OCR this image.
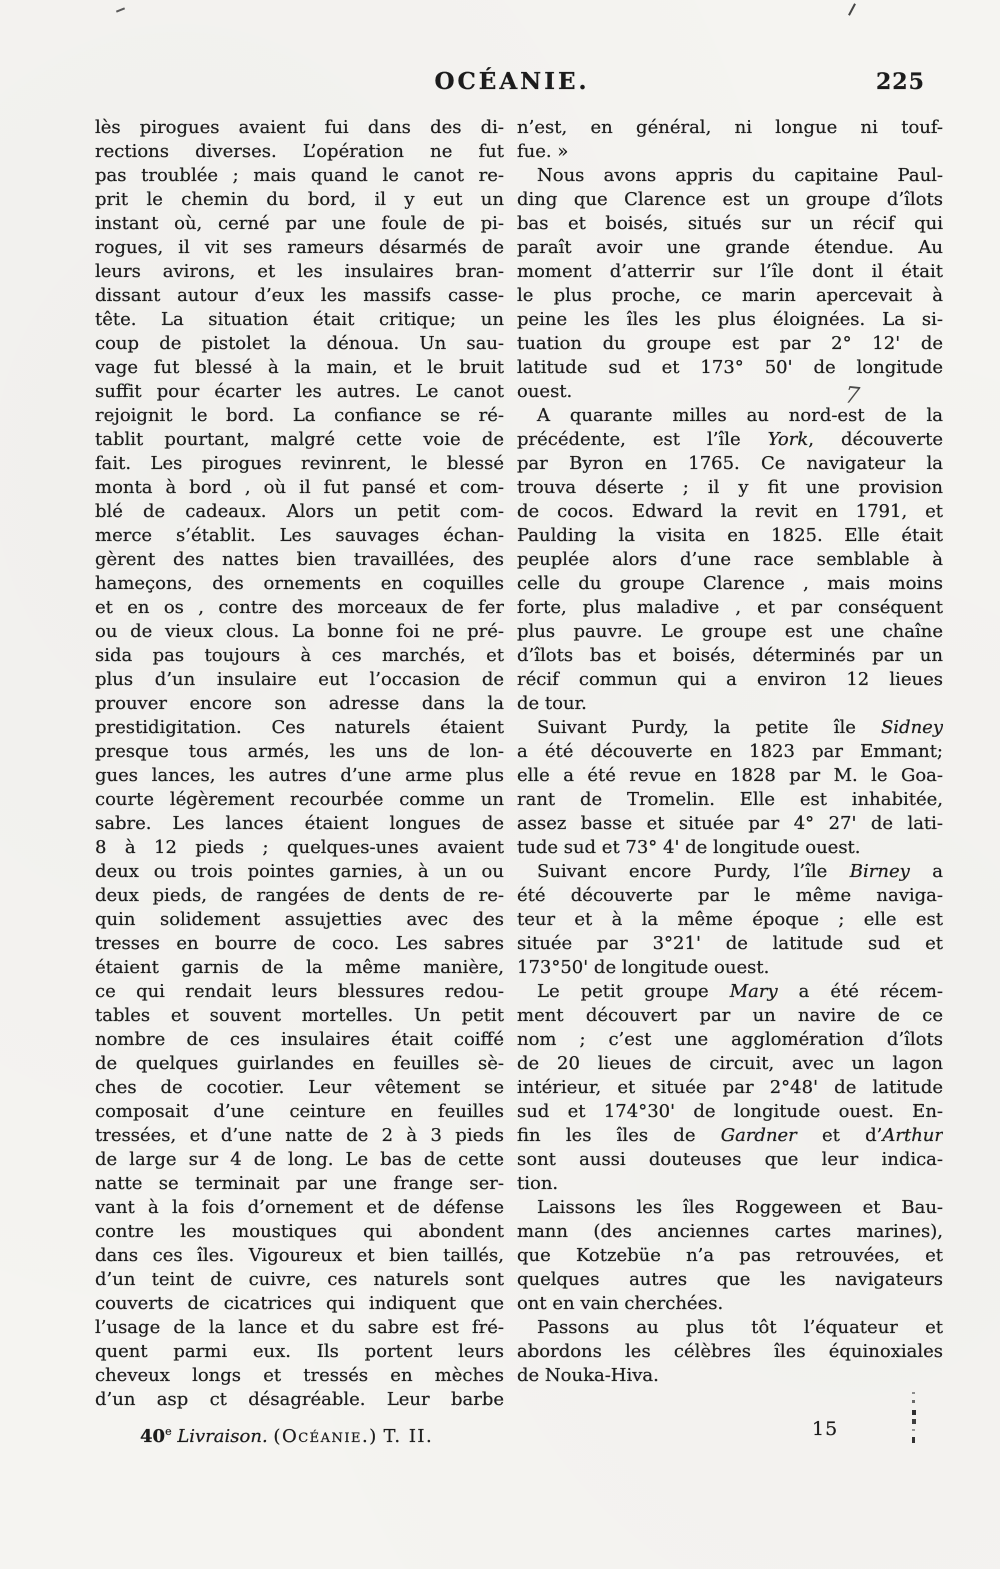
OCÉANIE.	225
lès pirogues avaient fui dans des di-
rections diverses. L’opération ne fut
pas troublée ; mais quand le canot re-
prit le chemin du bord, il y eut un
instant où, cerné par une foule de pi-
rogues, il vit ses rameurs désarmés de
leurs avirons, et les insulaires bran-
dissant autour d’eux les massifs casse-
tête. La situation était critique; un
coup de pistolet la dénoua. Un sau-
vage fut blessé à la main, et le bruit
suffit pour écarter les autres. Le canot
rejoignit le bord. La confiance se ré-
tablit pourtant, malgré cette voie de
fait. Les pirogues revinrent, le blessé
monta à bord , où il fut pansé et com-
blé de cadeaux. Alors un petit com-
merce s’établit. Les sauvages échan-
gèrent des nattes bien travaillées, des
hameçons, des ornements en coquilles
et en os , contre des morceaux de fer
ou de vieux clous. La bonne foi ne pré-
sida pas toujours à ces marchés, et
plus d’un insulaire eut l’occasion de
prouver encore son adresse dans la
prestidigitation. Ces naturels étaient
presque tous armés, les uns de lon-
gues lances, les autres d’une arme plus
courte légèrement recourbée comme un
sabre. Les lances étaient longues de
8 à 12 pieds ; quelques-unes avaient
deux ou trois pointes garnies, à un ou
deux pieds, de rangées de dents de re-
quin solidement assujetties avec des
tresses en bourre de coco. Les sabres
étaient garnis de la même manière,
ce qui rendait leurs blessures redou-
tables et souvent mortelles. Un petit
nombre de ces insulaires était coiffé
de quelques guirlandes en feuilles sè-
ches de cocotier. Leur vêtement se
composait d’une ceinture en feuilles
tressées, et d’une natte de 2 à 3 pieds
de large sur 4 de long. Le bas de cette
natte se terminait par une frange ser-
vant à la fois d’ornement et de défense
contre les moustiques qui abondent
dans ces îles. Vigoureux et bien taillés,
d’un teint de cuivre, ces naturels sont
couverts de cicatrices qui indiquent que
l’usage de la lance et du sabre est fré-
quent parmi eux. Ils portent leurs
cheveux longs et tressés en mèches
d’un asp ct désagréable. Leur barbe
n’est, en général, ni longue ni touf-
fue. »
Nous avons appris du capitaine Paul-
ding que Clarence est un groupe d’îlots
bas et boisés, situés sur un récif qui
paraît avoir une grande étendue. Au
moment d’atterrir sur l’île dont il était
le plus proche, ce marin apercevait à
peine les îles les plus éloignées. La si-
tuation du groupe est par 2° 12' de
latitude sud et 173° 50' de longitude
ouest.
A quarante milles au nord-est de la
précédente, est l’île York, découverte
par Byron en 1765. Ce navigateur la
trouva déserte ; il y fit une provision
de cocos. Edward la revit en 1791, et
Paulding la visita en 1825. Elle était
peuplée alors d’une race semblable à
celle du groupe Clarence , mais moins
forte, plus maladive , et par conséquent
plus pauvre. Le groupe est une chaîne
d’îlots bas et boisés, déterminés par un
récif commun qui a environ 12 lieues
de tour.
Suivant Purdy, la petite île Sidney
a été découverte en 1823 par Emmant;
elle a été revue en 1828 par M. le Goa-
rant de Tromelin. Elle est inhabitée,
assez basse et située par 4° 27' de lati-
tude sud et 73° 4' de longitude ouest.
Suivant encore Purdy, l’île Birney a
été découverte par le même naviga-
teur et à la même époque ; elle est
située par 3°21' de latitude sud et
173°50' de longitude ouest.
Le petit groupe Mary a été récem-
ment découvert par un navire de ce
nom ; c’est une agglomération d’îlots
de 20 lieues de circuit, avec un lagon
intérieur, et située par 2°48' de latitude
sud et 174°30' de longitude ouest. En-
fin les îles de Gardner et d’Arthur
sont aussi douteuses que leur indica-
tion.
Laissons les îles Roggeween et Bau-
mann (des anciennes cartes marines),
que Kotzebüe n’a pas retrouvées, et
quelques autres que les navigateurs
ont en vain cherchées.
Passons au plus tôt l’équateur et
abordons les célèbres îles équinoxiales
de Nouka-Hiva.
40e Livraison. (Océanie.) T. II.	15
7
